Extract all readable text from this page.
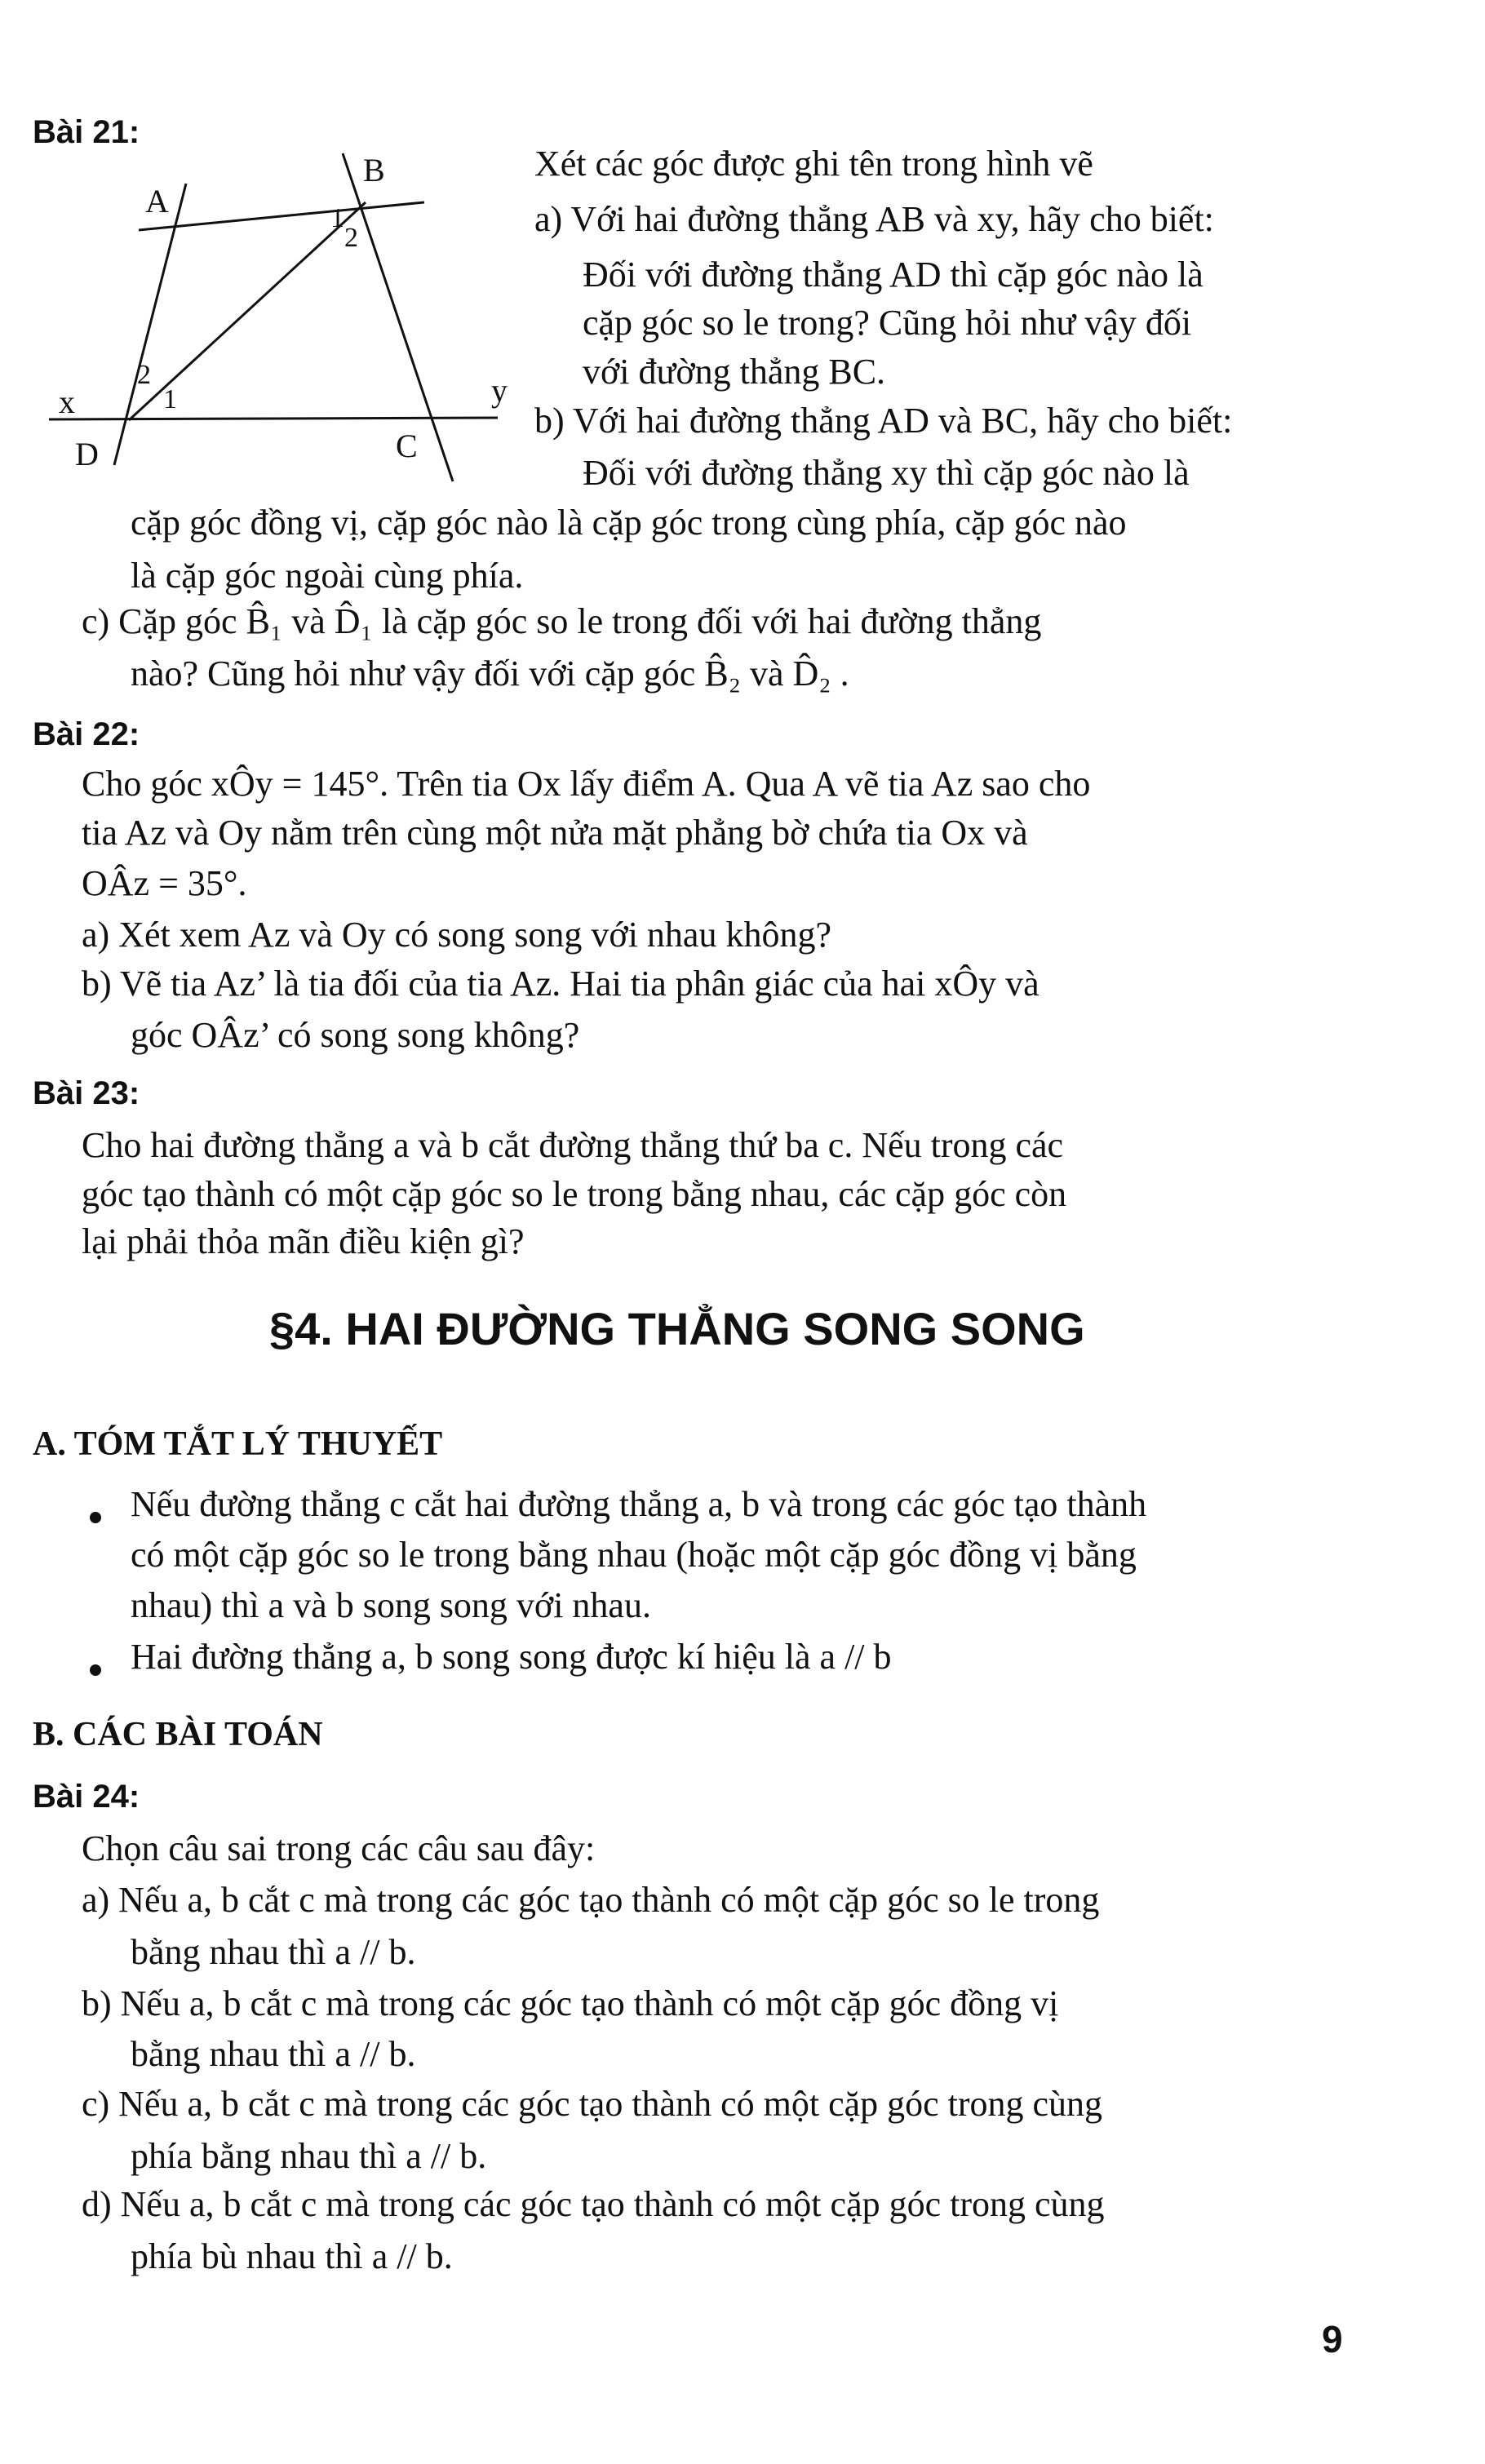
Bài 21:
A
B
C
D
x	y
1
2
2
1
Xét các góc được ghi tên trong hình vẽ
a) Với hai đường thẳng AB và xy, hãy cho biết:
Đối với đường thẳng AD thì cặp góc nào là
cặp góc so le trong? Cũng hỏi như vậy đối
với đường thẳng BC.
b) Với hai đường thẳng AD và BC, hãy cho biết:
Đối với đường thẳng xy thì cặp góc nào là
cặp góc đồng vị, cặp góc nào là cặp góc trong cùng phía, cặp góc nào
là cặp góc ngoài cùng phía.
c) Cặp góc B̂₁ và D̂₁ là cặp góc so le trong đối với hai đường thẳng
nào? Cũng hỏi như vậy đối với cặp góc B̂₂ và D̂₂ .
Bài 22:
Cho góc xÔy = 145°. Trên tia Ox lấy điểm A. Qua A vẽ tia Az sao cho
tia Az và Oy nằm trên cùng một nửa mặt phẳng bờ chứa tia Ox và
OÂz = 35°.
a) Xét xem Az và Oy có song song với nhau không?
b) Vẽ tia Az’ là tia đối của tia Az. Hai tia phân giác của hai xÔy và
góc OÂz’ có song song không?
Bài 23:
Cho hai đường thẳng a và b cắt đường thẳng thứ ba c. Nếu trong các
góc tạo thành có một cặp góc so le trong bằng nhau, các cặp góc còn
lại phải thỏa mãn điều kiện gì?
§4. HAI ĐƯỜNG THẲNG SONG SONG
A. TÓM TẮT LÝ THUYẾT
Nếu đường thẳng c cắt hai đường thẳng a, b và trong các góc tạo thành
có một cặp góc so le trong bằng nhau (hoặc một cặp góc đồng vị bằng
nhau) thì a và b song song với nhau.
Hai đường thẳng a, b song song được kí hiệu là a // b
B. CÁC BÀI TOÁN
Bài 24:
Chọn câu sai trong các câu sau đây:
a) Nếu a, b cắt c mà trong các góc tạo thành có một cặp góc so le trong
bằng nhau thì a // b.
b) Nếu a, b cắt c mà trong các góc tạo thành có một cặp góc đồng vị
bằng nhau thì a // b.
c) Nếu a, b cắt c mà trong các góc tạo thành có một cặp góc trong cùng
phía bằng nhau thì a // b.
d) Nếu a, b cắt c mà trong các góc tạo thành có một cặp góc trong cùng
phía bù nhau thì a // b.
9
